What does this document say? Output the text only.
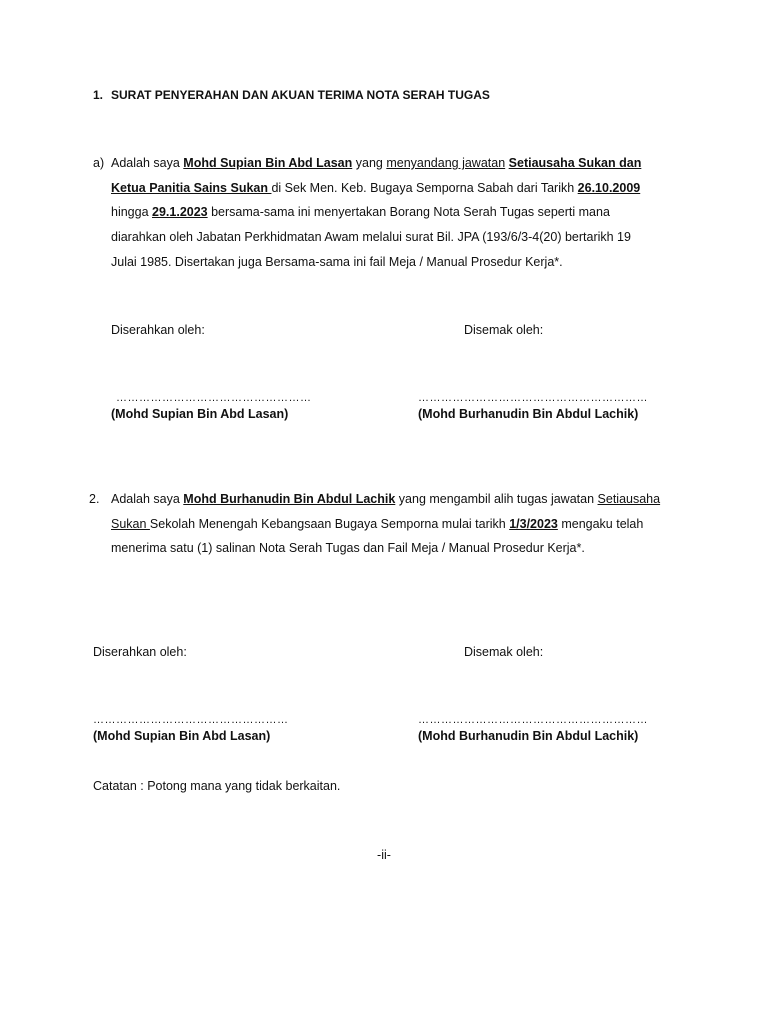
1. SURAT PENYERAHAN DAN AKUAN TERIMA NOTA SERAH TUGAS
a) Adalah saya Mohd Supian Bin Abd Lasan yang menyandang jawatan Setiausaha Sukan dan
Ketua Panitia Sains Sukan di Sek Men. Keb. Bugaya Semporna Sabah dari Tarikh 26.10.2009
hingga 29.1.2023 bersama-sama ini menyertakan Borang Nota Serah Tugas seperti mana
diarahkan oleh Jabatan Perkhidmatan Awam melalui surat Bil. JPA (193/6/3-4(20) bertarikh 19
Julai 1985. Disertakan juga Bersama-sama ini fail Meja / Manual Prosedur Kerja*.
Diserahkan oleh:	Disemak oleh:
……………………………………………	……………………………………………………
(Mohd Supian Bin Abd Lasan)	(Mohd Burhanudin Bin Abdul Lachik)
2. Adalah saya Mohd Burhanudin Bin Abdul Lachik yang mengambil alih tugas jawatan Setiausaha
Sukan Sekolah Menengah Kebangsaan Bugaya Semporna mulai tarikh 1/3/2023 mengaku telah
menerima satu (1) salinan Nota Serah Tugas dan Fail Meja / Manual Prosedur Kerja*.
Diserahkan oleh:	Disemak oleh:
……………………………………………	……………………………………………………
(Mohd Supian Bin Abd Lasan)	(Mohd Burhanudin Bin Abdul Lachik)
Catatan : Potong mana yang tidak berkaitan.
-ii-
